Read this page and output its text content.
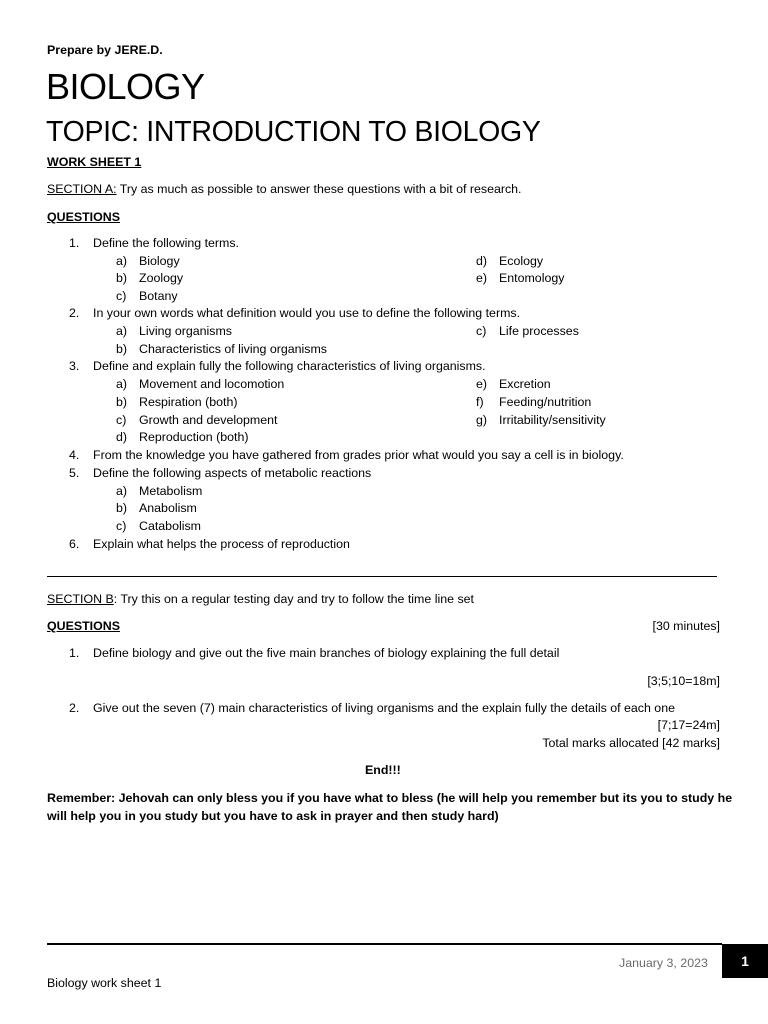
Prepare by JERE.D.
BIOLOGY
TOPIC: INTRODUCTION TO BIOLOGY
WORK SHEET 1
SECTION A: Try as much as possible to answer these questions with a bit of research.
QUESTIONS
1. Define the following terms.
a) Biology
b) Zoology
c) Botany
d) Ecology
e) Entomology
2. In your own words what definition would you use to define the following terms.
a) Living organisms
b) Characteristics of living organisms
c) Life processes
3. Define and explain fully the following characteristics of living organisms.
a) Movement and locomotion
b) Respiration (both)
c) Growth and development
d) Reproduction (both)
e) Excretion
f) Feeding/nutrition
g) Irritability/sensitivity
4. From the knowledge you have gathered from grades prior what would you say a cell is in biology.
5. Define the following aspects of metabolic reactions
a) Metabolism
b) Anabolism
c) Catabolism
6. Explain what helps the process of reproduction
SECTION B: Try this on a regular testing day and try to follow the time line set
QUESTIONS	[30 minutes]
1. Define biology and give out the five main branches of biology explaining the full detail
[3;5;10=18m]
2. Give out the seven (7) main characteristics of living organisms and the explain fully the details of each one
[7;17=24m]
Total marks allocated [42 marks]
End!!!
Remember: Jehovah can only bless you if you have what to bless (he will help you remember but its you to study he
will help you in you study but you have to ask in prayer and then study hard)
January 3, 2023	1
Biology work sheet 1
